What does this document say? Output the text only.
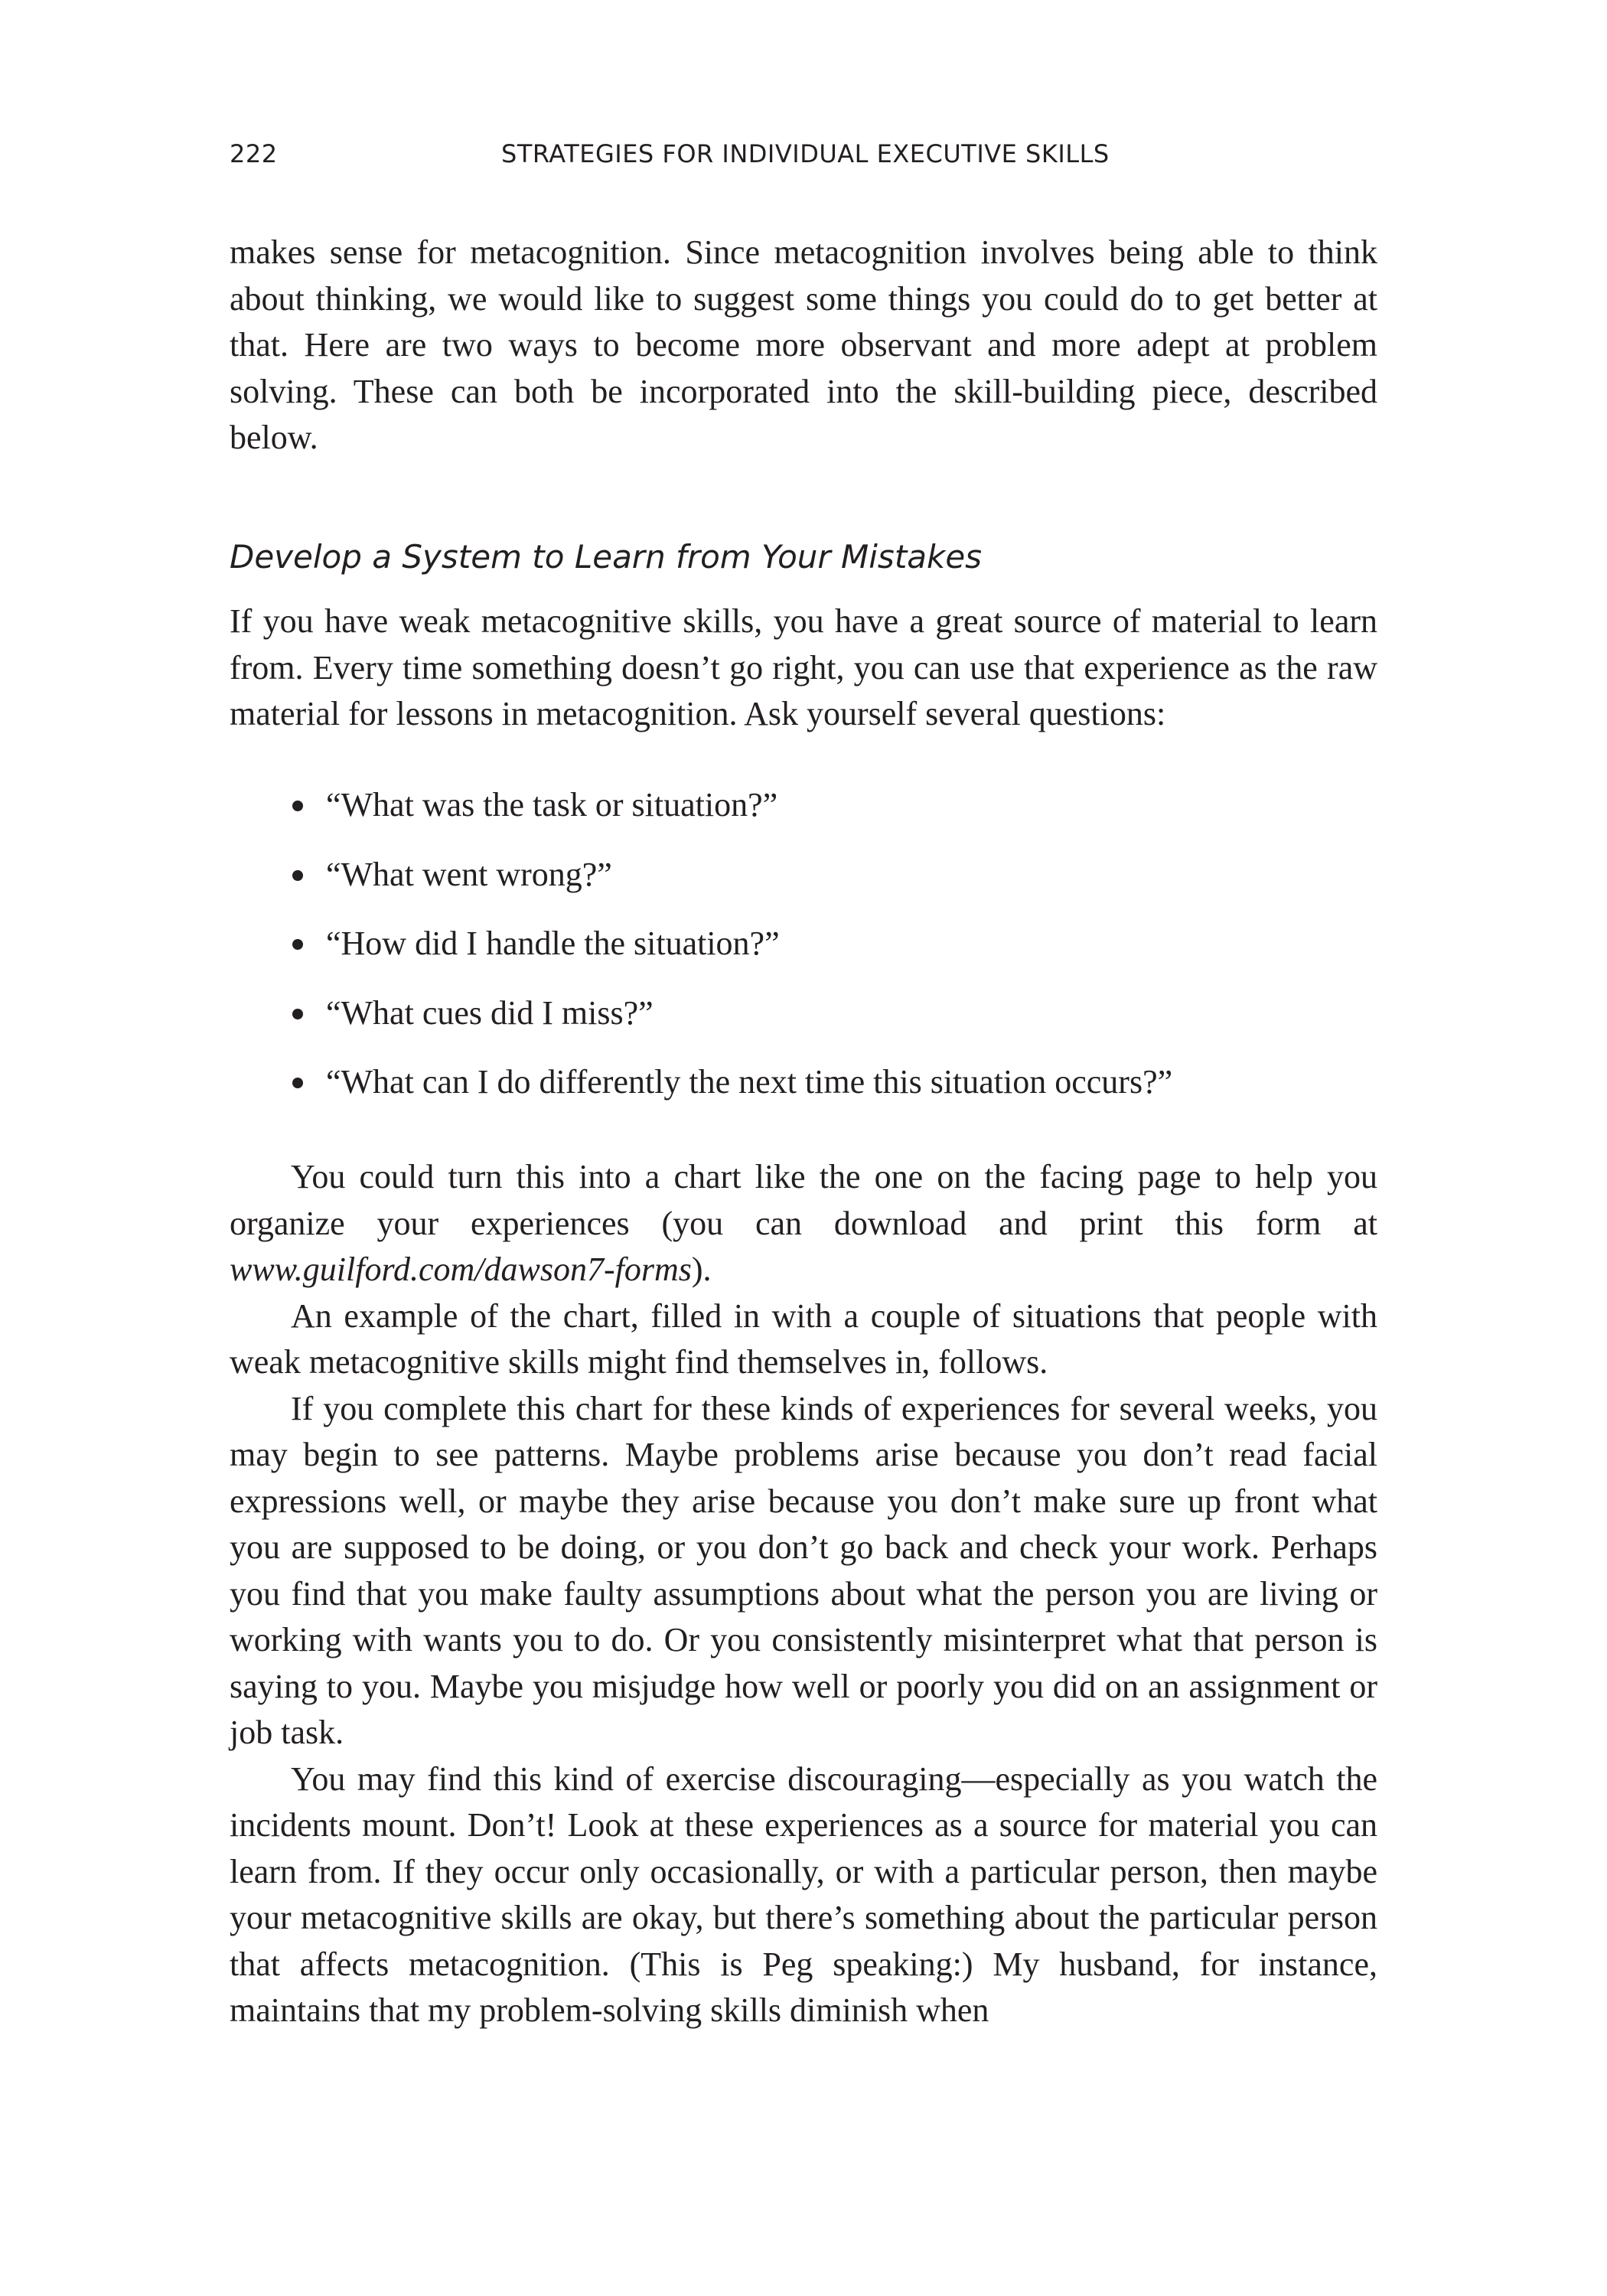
222	STRATEGIES FOR INDIVIDUAL EXECUTIVE SKILLS

makes sense for metacognition. Since metacognition involves being able to think about thinking, we would like to suggest some things you could do to get better at that. Here are two ways to become more observant and more adept at problem solving. These can both be incorporated into the skill-building piece, described below.

Develop a System to Learn from Your Mistakes

If you have weak metacognitive skills, you have a great source of material to learn from. Every time something doesn’t go right, you can use that experience as the raw material for lessons in metacognition. Ask yourself several questions:

“What was the task or situation?”
“What went wrong?”
“How did I handle the situation?”
“What cues did I miss?”
“What can I do differently the next time this situation occurs?”

You could turn this into a chart like the one on the facing page to help you organize your experiences (you can download and print this form at www.guilford.com/dawson7-forms).

An example of the chart, filled in with a couple of situations that people with weak metacognitive skills might find themselves in, follows.

If you complete this chart for these kinds of experiences for several weeks, you may begin to see patterns. Maybe problems arise because you don’t read facial expressions well, or maybe they arise because you don’t make sure up front what you are supposed to be doing, or you don’t go back and check your work. Perhaps you find that you make faulty assumptions about what the person you are living or working with wants you to do. Or you consistently misinterpret what that person is saying to you. Maybe you misjudge how well or poorly you did on an assignment or job task.

You may find this kind of exercise discouraging—especially as you watch the incidents mount. Don’t! Look at these experiences as a source for material you can learn from. If they occur only occasionally, or with a particular person, then maybe your metacognitive skills are okay, but there’s something about the particular person that affects metacognition. (This is Peg speaking:) My husband, for instance, maintains that my problem-solving skills diminish when
